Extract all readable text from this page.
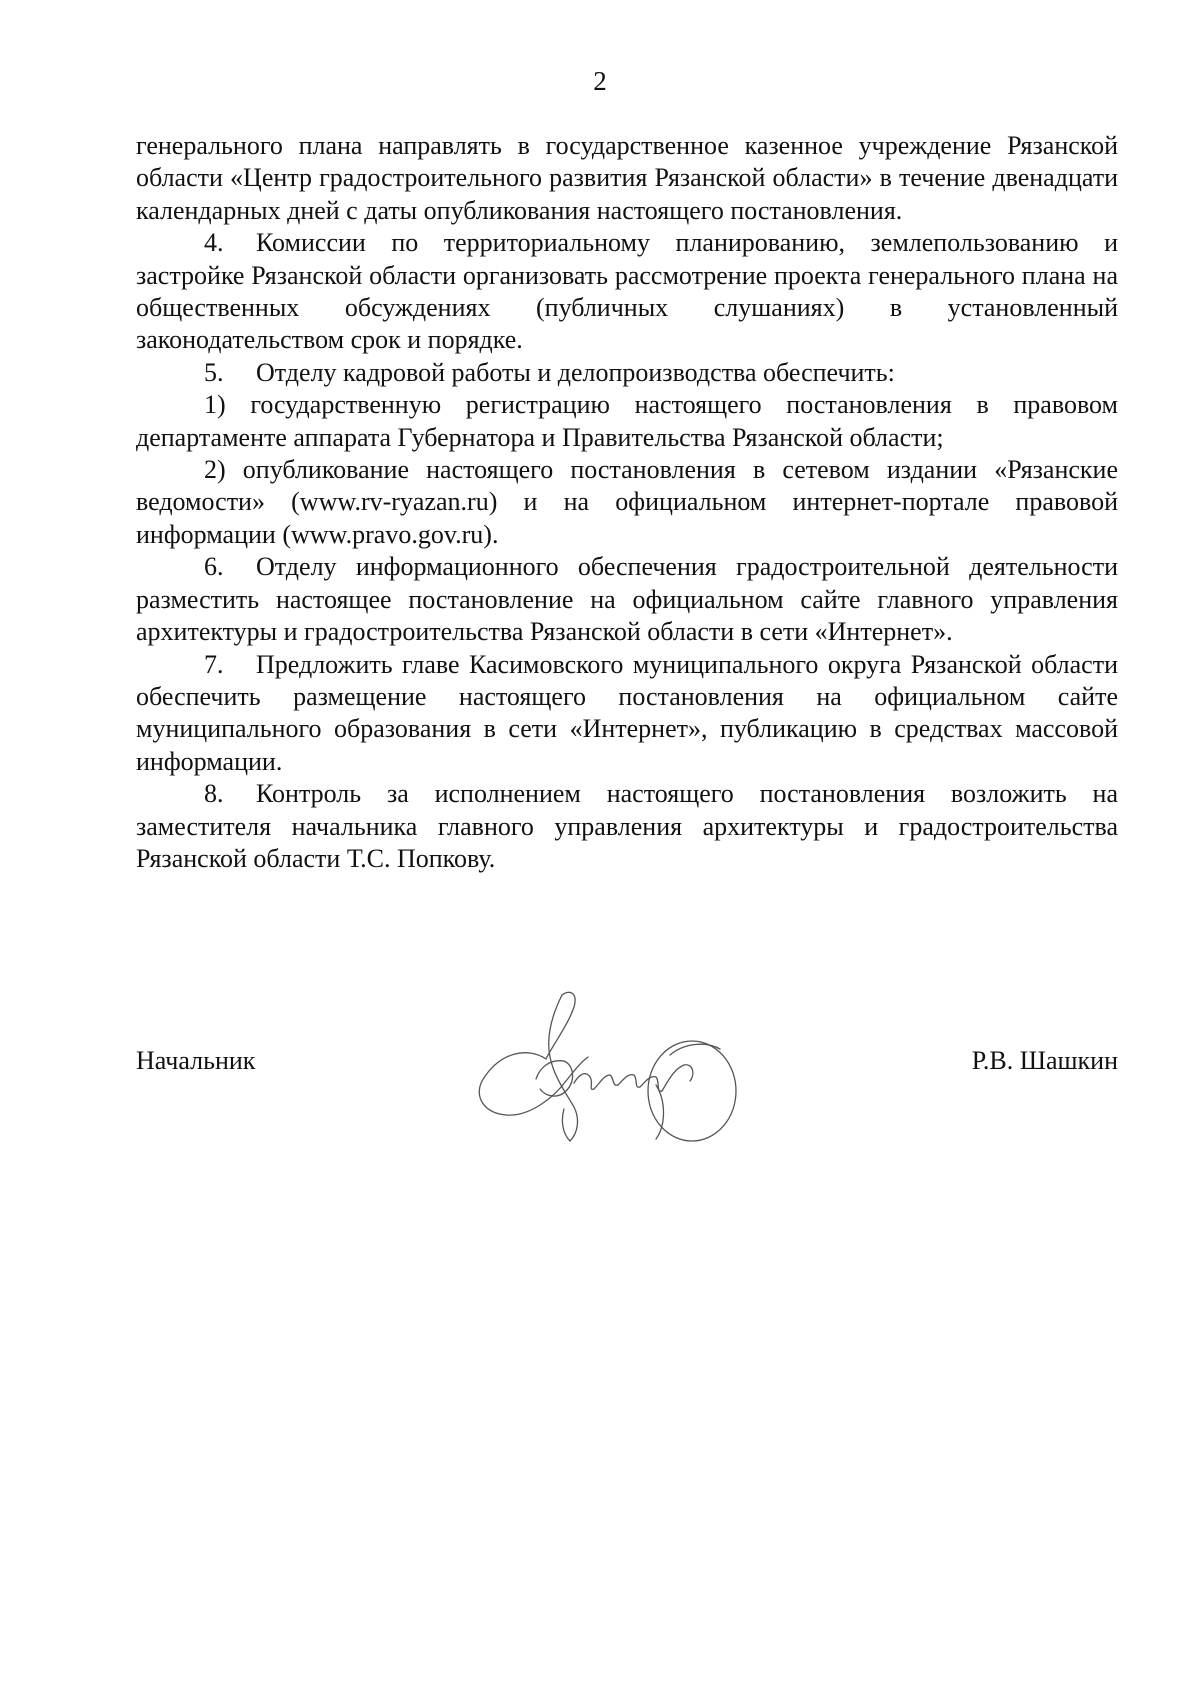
2

генерального плана направлять в государственное казенное учреждение Рязанской области «Центр градостроительного развития Рязанской области» в течение двенадцати календарных дней с даты опубликования настоящего постановления.

4. Комиссии по территориальному планированию, землепользованию и застройке Рязанской области организовать рассмотрение проекта генерального плана на общественных обсуждениях (публичных слушаниях) в установленный законодательством срок и порядке.

5. Отделу кадровой работы и делопроизводства обеспечить:

1) государственную регистрацию настоящего постановления в правовом департаменте аппарата Губернатора и Правительства Рязанской области;

2) опубликование настоящего постановления в сетевом издании «Рязанские ведомости» (www.rv-ryazan.ru) и на официальном интернет-портале правовой информации (www.pravo.gov.ru).

6. Отделу информационного обеспечения градостроительной деятельности разместить настоящее постановление на официальном сайте главного управления архитектуры и градостроительства Рязанской области в сети «Интернет».

7. Предложить главе Касимовского муниципального округа Рязанской области обеспечить размещение настоящего постановления на официальном сайте муниципального образования в сети «Интернет», публикацию в средствах массовой информации.

8. Контроль за исполнением настоящего постановления возложить на заместителя начальника главного управления архитектуры и градостроительства Рязанской области Т.С. Попкову.

Начальник	Р.В. Шашкин
